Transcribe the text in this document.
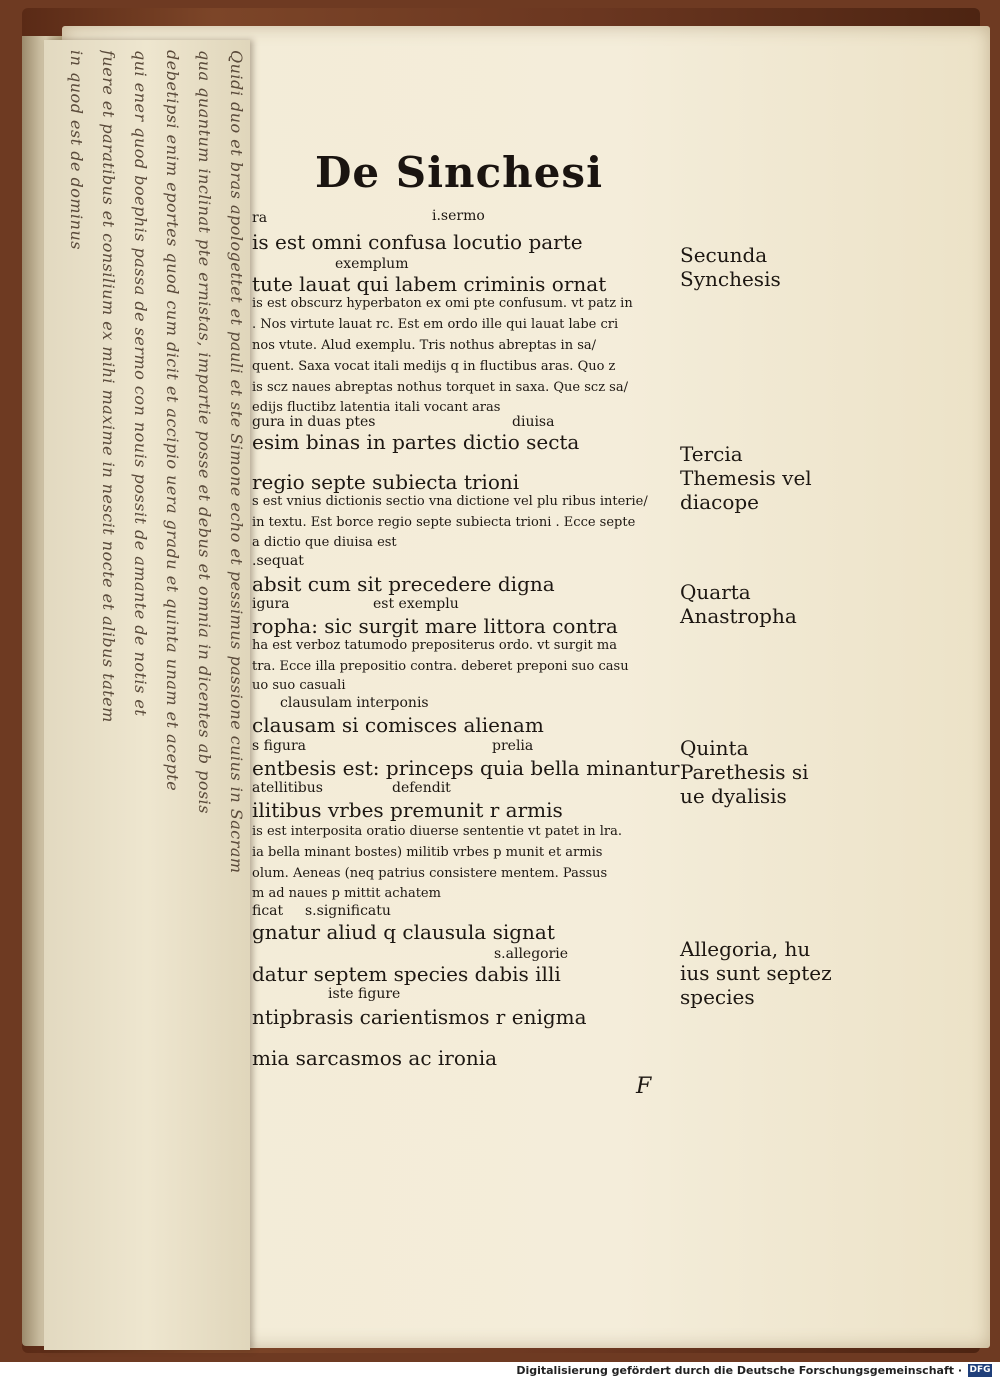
Quidi duo et bras apologettet et pauli et ste Simone echo et pessimus passione cuius in Sacram
qua quantum inclinat pte ernistas, impartie posse et debus et omnia in dicentes ab posis
debetipsi enim eportes quod cum dicit et accipio uera gradu et quinta unam et acepte
qui ener quod boephis passa de sermo con nouis possit de amante de notis et
fuere et paratibus et consilium ex mihi maxime in nescit nocte et alibus tatem
in quod est de dominus	De Sinchesi
ra	i.sermo
is est omni confusa locutio parte
exemplum
tute lauat qui labem criminis ornat
is est obscurz hyperbaton ex omi pte confusum. vt patz in
. Nos virtute lauat rc. Est em ordo ille qui lauat labe cri
nos vtute. Alud exemplu. Tris nothus abreptas in sa/
quent. Saxa vocat itali medijs q in fluctibus aras. Quo z
is scz naues abreptas nothus torquet in saxa. Que scz sa/
edijs fluctibz latentia itali vocant aras
gura in duas ptes	diuisa
esim binas in partes dictio secta
regio septe subiecta trioni
s est vnius dictionis sectio vna dictione vel plu ribus interie/
in textu. Est borce regio septe subiecta trioni . Ecce septe
a dictio que diuisa est
.sequat
absit cum sit precedere digna
igura	est exemplu
ropha: sic surgit mare littora contra
ha est verboz tatumodo prepositerus ordo. vt surgit ma
tra. Ecce illa prepositio contra. deberet preponi suo casu
uo suo casuali
clausulam interponis
clausam si comisces alienam
s figura	prelia
entbesis est: princeps quia bella minantur
atellitibus	defendit
ilitibus vrbes premunit r armis
is est interposita oratio diuerse sententie vt patet in lra.
ia bella minant bostes) militib vrbes p munit et armis
olum. Aeneas (neq patrius consistere mentem. Passus
m ad naues p mittit achatem
ficat s.significatu
gnatur aliud q clausula signat
s.allegorie
datur septem species dabis illi
iste figure
ntipbrasis carientismos r enigma
mia sarcasmos ac ironia
Secunda
Synchesis
Tercia
Themesis vel
diacope
Quarta
Anastropha
Quinta
Parethesis si
ue dyalisis
Allegoria, hu
ius sunt septez
species
F
Digitalisierung gefördert durch die Deutsche Forschungsgemeinschaft · DFG
